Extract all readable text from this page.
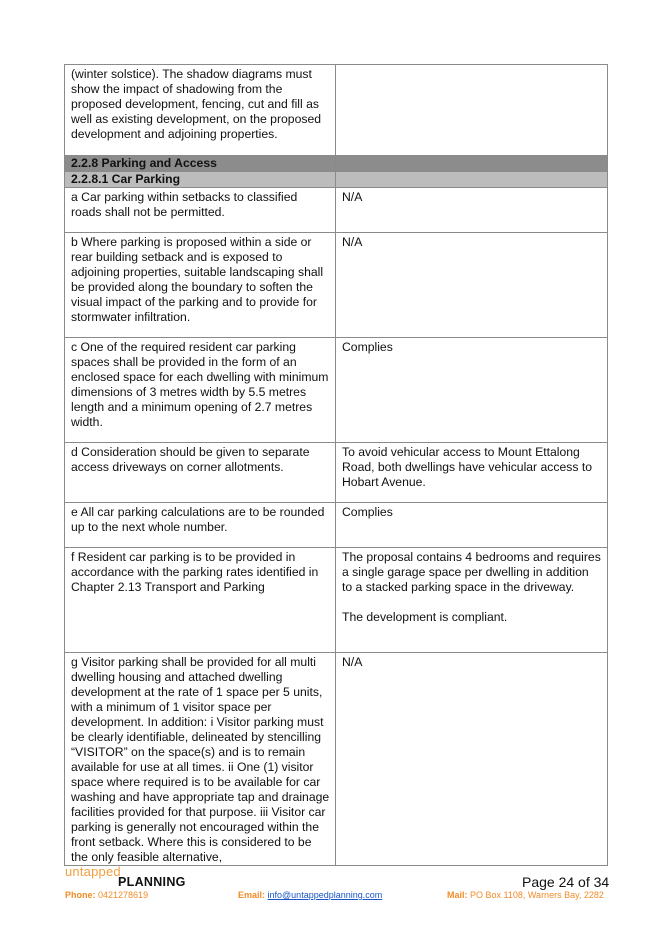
(winter solstice). The shadow diagrams must show the impact of shadowing from the proposed development, fencing, cut and fill as well as existing development, on the proposed development and adjoining properties.	
2.2.8 Parking and Access	
2.2.8.1 Car Parking	
a Car parking within setbacks to classified roads shall not be permitted.	N/A

b Where parking is proposed within a side or rear building setback and is exposed to adjoining properties, suitable landscaping shall be provided along the boundary to soften the visual impact of the parking and to provide for stormwater infiltration.	N/A

c One of the required resident car parking spaces shall be provided in the form of an enclosed space for each dwelling with minimum dimensions of 3 metres width by 5.5 metres length and a minimum opening of 2.7 metres width.	Complies

d Consideration should be given to separate access driveways on corner allotments.	To avoid vehicular access to Mount Ettalong Road, both dwellings have vehicular access to Hobart Avenue.

e All car parking calculations are to be rounded up to the next whole number.	Complies

f Resident car parking is to be provided in accordance with the parking rates identified in Chapter 2.13 Transport and Parking	The proposal contains 4 bedrooms and requires a single garage space per dwelling in addition to a stacked parking space in the driveway.
The development is compliant.

g Visitor parking shall be provided for all multi dwelling housing and attached dwelling development at the rate of 1 space per 5 units, with a minimum of 1 visitor space per development. In addition: i Visitor parking must be clearly identifiable, delineated by stencilling “VISITOR” on the space(s) and is to remain available for use at all times. ii One (1) visitor space where required is to be available for car washing and have appropriate tap and drainage facilities provided for that purpose. iii Visitor car parking is generally not encouraged within the front setback. Where this is considered to be the only feasible alternative,	N/A
untapped
PLANNING	Page 24 of 34
Phone: 0421278619	Email: info@untappedplanning.com	Mail: PO Box 1108, Warners Bay, 2282
